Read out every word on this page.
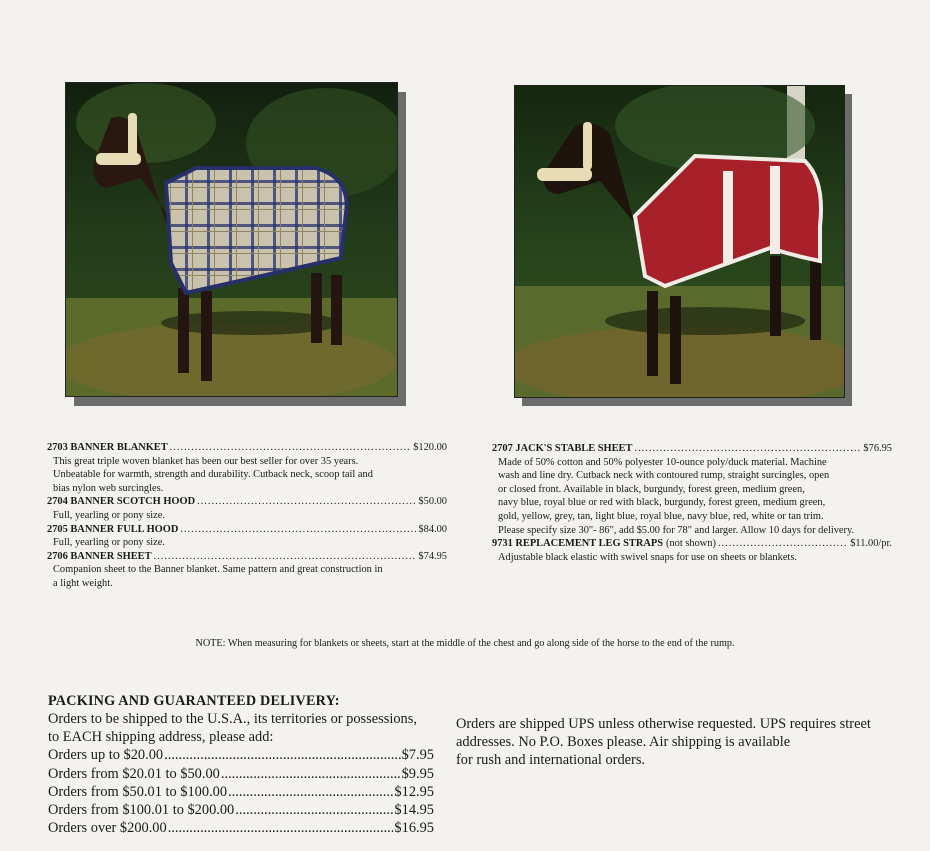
2703 BANNER BLANKET .....	$120.00
This great triple woven blanket has been our best seller for over 35 years.
Unbeatable for warmth, strength and durability. Cutback neck, scoop tail and
bias nylon web surcingles.
2704 BANNER SCOTCH HOOD .....	$50.00
Full, yearling or pony size.
2705 BANNER FULL HOOD .....	$84.00
Full, yearling or pony size.
2706 BANNER SHEET .....	$74.95
Companion sheet to the Banner blanket. Same pattern and great construction in
a light weight.
2707 JACK'S STABLE SHEET .....	$76.95
Made of 50% cotton and 50% polyester 10-ounce poly/duck material. Machine
wash and line dry. Cutback neck with contoured rump, straight surcingles, open
or closed front. Available in black, burgundy, forest green, medium green,
navy blue, royal blue or red with black, burgundy, forest green, medium green,
gold, yellow, grey, tan, light blue, royal blue, navy blue, red, white or tan trim.
Please specify size 30"- 86", add $5.00 for 78" and larger. Allow 10 days for delivery.
9731 REPLACEMENT LEG STRAPS (not shown) .....	$11.00/pr.
Adjustable black elastic with swivel snaps for use on sheets or blankets.
NOTE: When measuring for blankets or sheets, start at the middle of the chest and go along side of the horse to the end of the rump.
PACKING AND GUARANTEED DELIVERY:
Orders to be shipped to the U.S.A., its territories or possessions,
to EACH shipping address, please add:
Orders up to $20.00 .....	$7.95
Orders from $20.01 to $50.00 .....	$9.95
Orders from $50.01 to $100.00 .....	$12.95
Orders from $100.01 to $200.00 .....	$14.95
Orders over $200.00 .....	$16.95
Orders are shipped UPS unless otherwise requested. UPS requires street
addresses. No P.O. Boxes please. Air shipping is available
for rush and international orders.
